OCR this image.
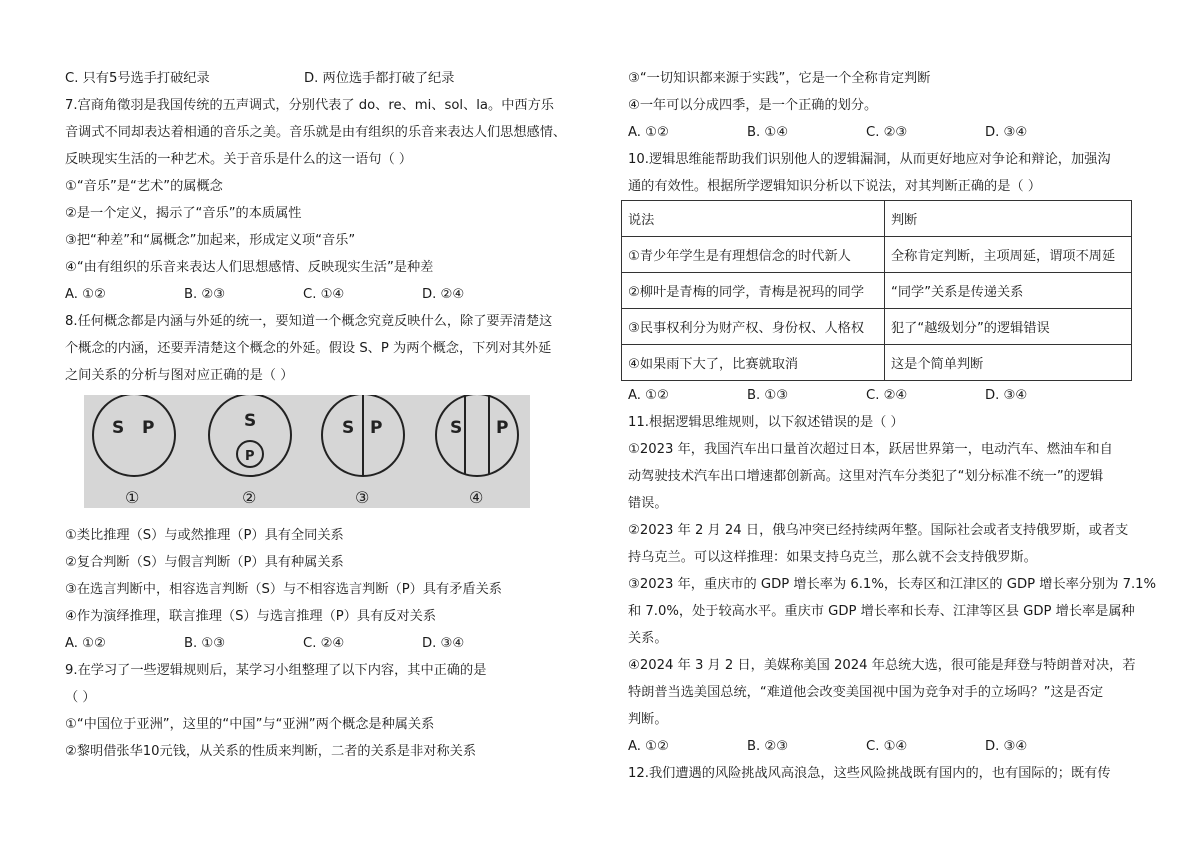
D. 两位选手都打破了纪录
A. ①②	B. ②③	C. ①④	D. ②④
S P	S
P
S P	S P
①	②	③	④
A. ①②	B. ①③	C. ②④	D. ③④
A. ①②	B. ①④	C. ②③	D. ③④
说法	判断
①青少年学生是有理想信念的时代新人	全称肯定判断，主项周延，谓项不周延
②柳叶是青梅的同学，青梅是祝玛的同学	“同学”关系是传递关系
③民事权利分为财产权、身份权、人格权	犯了“越级划分”的逻辑错误
④如果雨下大了，比赛就取消	这是个简单判断
A. ①②	B. ①③	C. ②④	D. ③④
A. ①②	B. ②③	C. ①④	D. ③④
C. 只有5号选手打破纪录
7.宫商角徵羽是我国传统的五声调式，分别代表了 do、re、mi、sol、la。中西方乐
音调式不同却表达着相通的音乐之美。音乐就是由有组织的乐音来表达人们思想感情、
反映现实生活的一种艺术。关于音乐是什么的这一语句（ ）
①“音乐”是“艺术”的属概念
②是一个定义，揭示了“音乐”的本质属性
③把“种差”和“属概念”加起来，形成定义项“音乐”
④“由有组织的乐音来表达人们思想感情、反映现实生活”是种差
8.任何概念都是内涵与外延的统一，要知道一个概念究竟反映什么，除了要弄清楚这
个概念的内涵，还要弄清楚这个概念的外延。假设 S、P 为两个概念，下列对其外延
之间关系的分析与图对应正确的是（ ）
①类比推理（S）与或然推理（P）具有全同关系
②复合判断（S）与假言判断（P）具有种属关系
③在选言判断中，相容选言判断（S）与不相容选言判断（P）具有矛盾关系
④作为演绎推理，联言推理（S）与选言推理（P）具有反对关系
9.在学习了一些逻辑规则后，某学习小组整理了以下内容，其中正确的是
（ ）
①“中国位于亚洲”，这里的“中国”与“亚洲”两个概念是种属关系
②黎明借张华10元钱，从关系的性质来判断，二者的关系是非对称关系
③“一切知识都来源于实践”，它是一个全称肯定判断
④一年可以分成四季，是一个正确的划分。
10.逻辑思维能帮助我们识别他人的逻辑漏洞，从而更好地应对争论和辩论，加强沟
通的有效性。根据所学逻辑知识分析以下说法，对其判断正确的是（ ）
11.根据逻辑思维规则，以下叙述错误的是（ ）
①2023 年，我国汽车出口量首次超过日本，跃居世界第一，电动汽车、燃油车和自
动驾驶技术汽车出口增速都创新高。这里对汽车分类犯了“划分标准不统一”的逻辑
错误。
②2023 年 2 月 24 日，俄乌冲突已经持续两年整。国际社会或者支持俄罗斯，或者支
持乌克兰。可以这样推理：如果支持乌克兰，那么就不会支持俄罗斯。
③2023 年，重庆市的 GDP 增长率为 6.1%，长寿区和江津区的 GDP 增长率分别为 7.1%
和 7.0%，处于较高水平。重庆市 GDP 增长率和长寿、江津等区县 GDP 增长率是属种
关系。
④2024 年 3 月 2 日，美媒称美国 2024 年总统大选，很可能是拜登与特朗普对决，若
特朗普当选美国总统，“难道他会改变美国视中国为竞争对手的立场吗？”这是否定
判断。
12.我们遭遇的风险挑战风高浪急，这些风险挑战既有国内的，也有国际的；既有传
